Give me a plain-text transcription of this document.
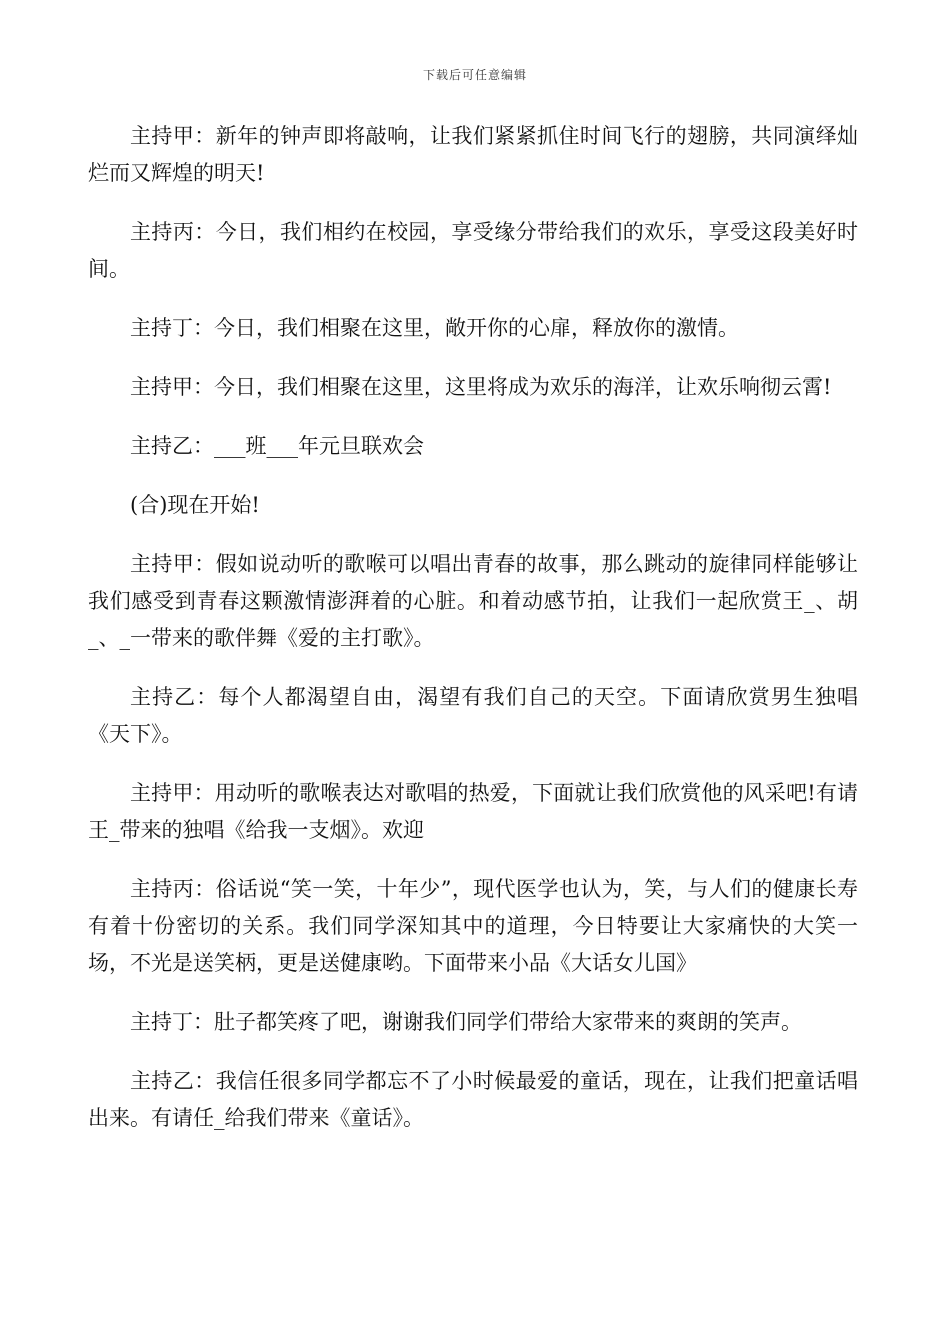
下载后可任意编辑

主持甲：新年的钟声即将敲响，让我们紧紧抓住时间飞行的翅膀，共同演绎灿烂而又辉煌的明天!

主持丙：今日，我们相约在校园，享受缘分带给我们的欢乐，享受这段美好时间。

主持丁：今日，我们相聚在这里，敞开你的心扉，释放你的激情。

主持甲：今日，我们相聚在这里，这里将成为欢乐的海洋，让欢乐响彻云霄!

主持乙：___班___年元旦联欢会

(合)现在开始!

主持甲：假如说动听的歌喉可以唱出青春的故事，那么跳动的旋律同样能够让我们感受到青春这颗激情澎湃着的心脏。和着动感节拍，让我们一起欣赏王_、胡_、_一带来的歌伴舞《爱的主打歌》。

主持乙：每个人都渴望自由，渴望有我们自己的天空。下面请欣赏男生独唱《天下》。

主持甲：用动听的歌喉表达对歌唱的热爱，下面就让我们欣赏他的风采吧!有请王_带来的独唱《给我一支烟》。欢迎

主持丙：俗话说“笑一笑，十年少”，现代医学也认为，笑，与人们的健康长寿有着十份密切的关系。我们同学深知其中的道理，今日特要让大家痛快的大笑一场，不光是送笑柄，更是送健康哟。下面带来小品《大话女儿国》

主持丁：肚子都笑疼了吧，谢谢我们同学们带给大家带来的爽朗的笑声。

主持乙：我信任很多同学都忘不了小时候最爱的童话，现在，让我们把童话唱出来。有请任_给我们带来《童话》。
